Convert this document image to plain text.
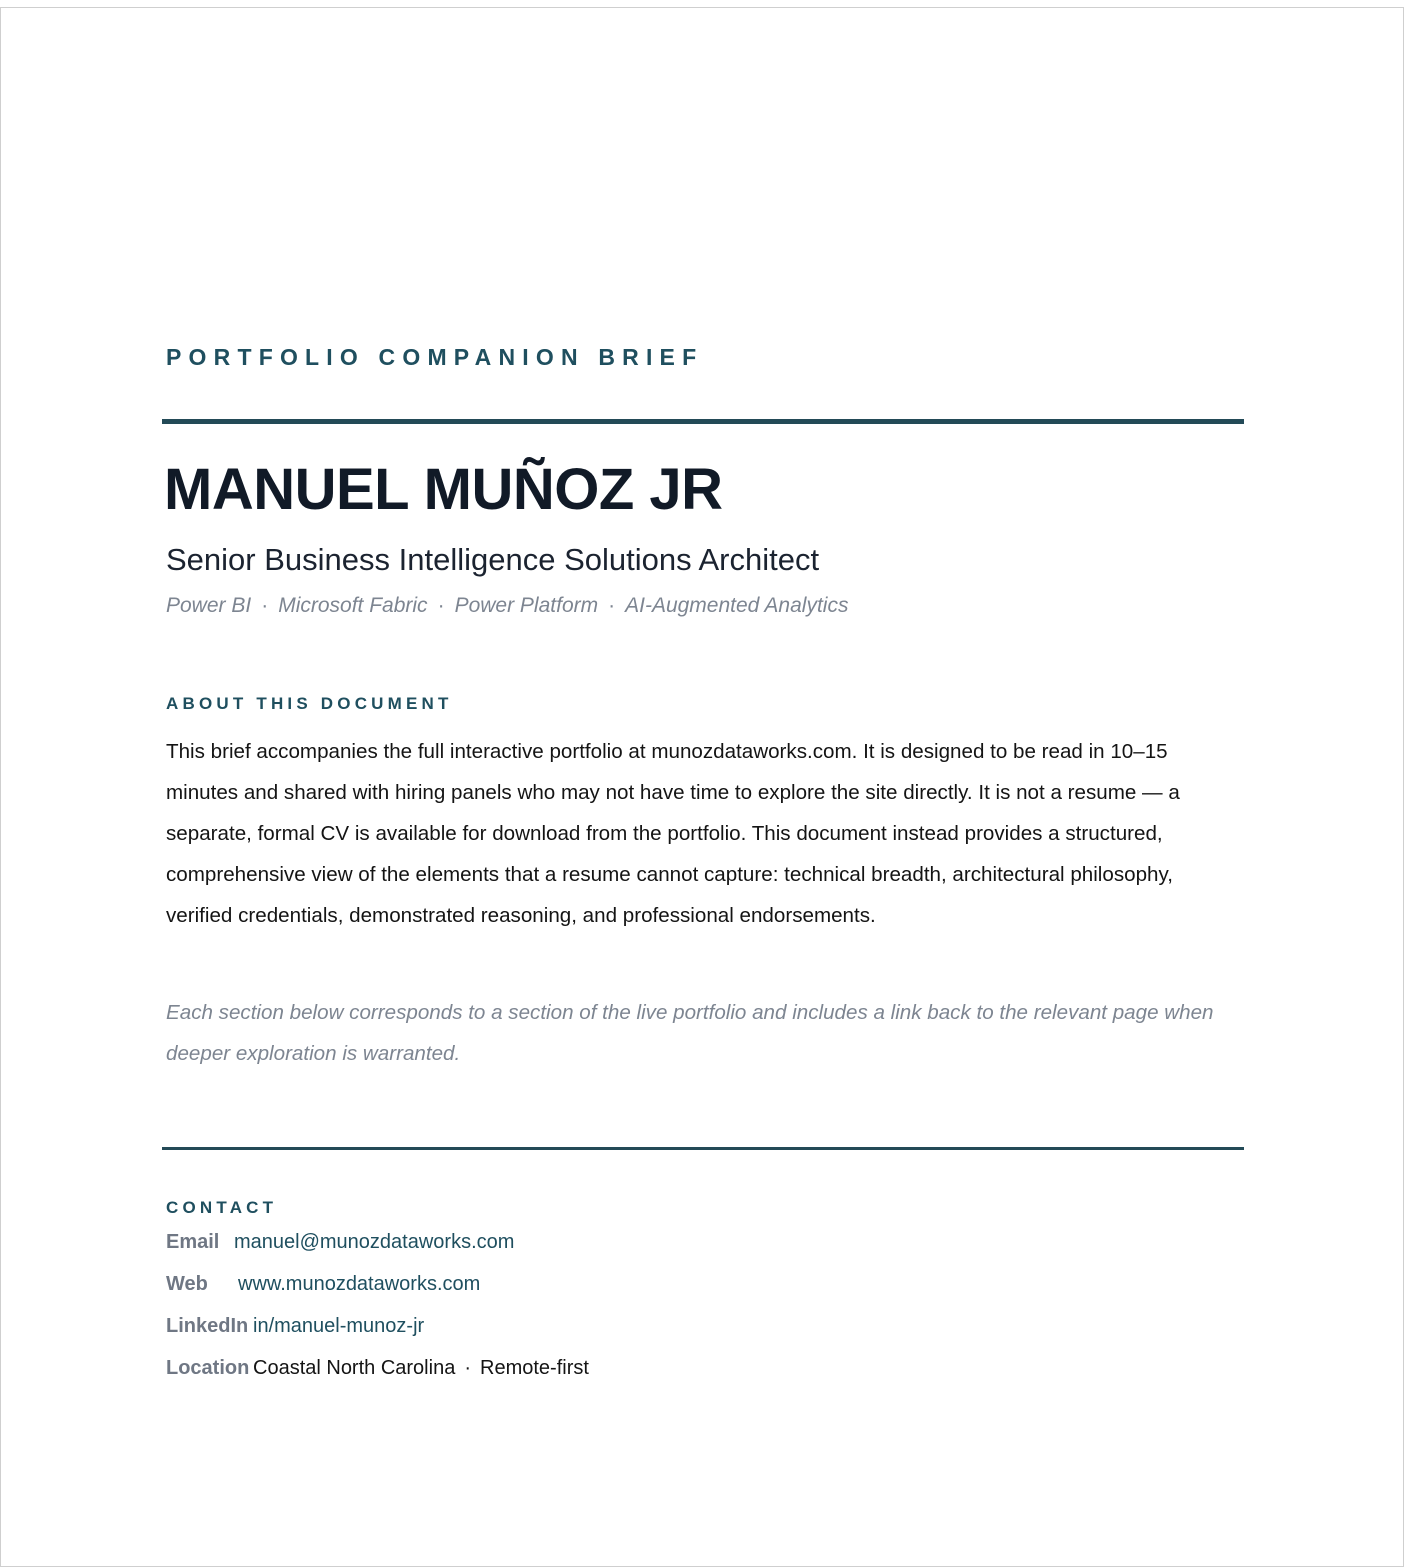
PORTFOLIO COMPANION BRIEF
MANUEL MUÑOZ JR
Senior Business Intelligence Solutions Architect
Power BI · Microsoft Fabric · Power Platform · AI-Augmented Analytics
ABOUT THIS DOCUMENT
This brief accompanies the full interactive portfolio at munozdataworks.com. It is designed to be read in 10–15 minutes and shared with hiring panels who may not have time to explore the site directly. It is not a resume — a separate, formal CV is available for download from the portfolio. This document instead provides a structured, comprehensive view of the elements that a resume cannot capture: technical breadth, architectural philosophy, verified credentials, demonstrated reasoning, and professional endorsements.
Each section below corresponds to a section of the live portfolio and includes a link back to the relevant page when deeper exploration is warranted.
CONTACT
Email manuel@munozdataworks.com
Web www.munozdataworks.com
LinkedIn in/manuel-munoz-jr
Location Coastal North Carolina · Remote-first
